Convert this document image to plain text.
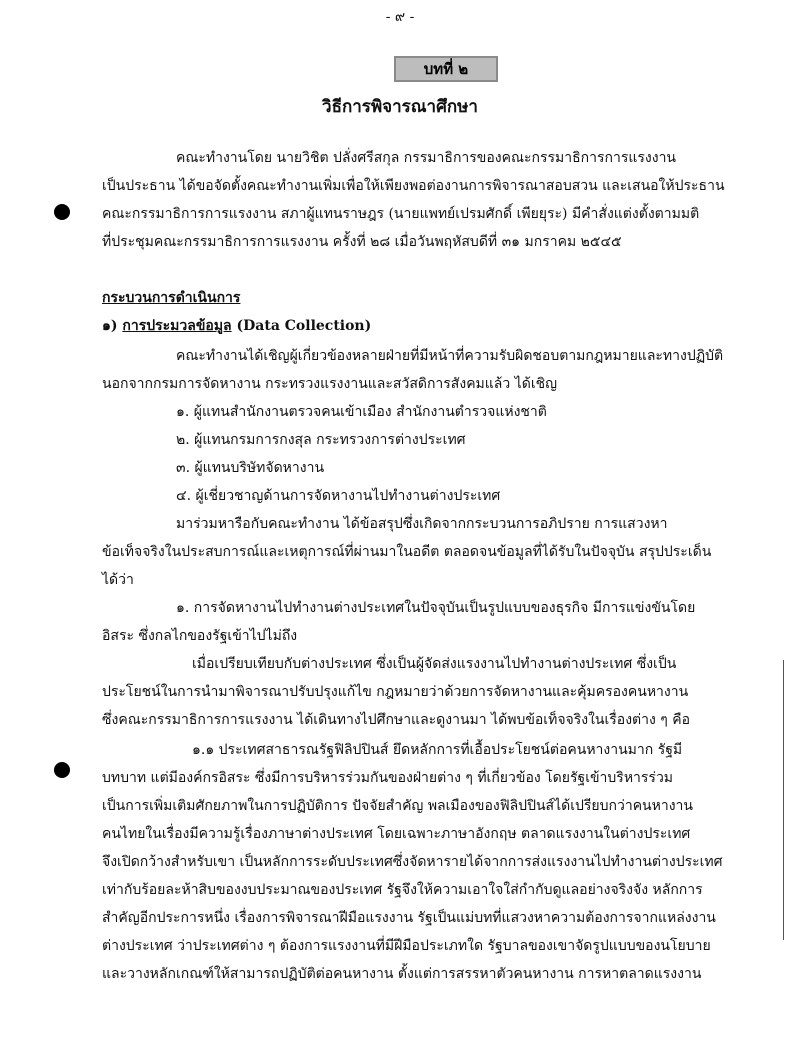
- ๙ -
บทที่ ๒
วิธีการพิจารณาศึกษา
คณะทำงานโดย นายวิชิต ปลั่งศรีสกุล กรรมาธิการของคณะกรรมาธิการการแรงงาน
เป็นประธาน ได้ขอจัดตั้งคณะทำงานเพิ่มเพื่อให้เพียงพอต่องานการพิจารณาสอบสวน และเสนอให้ประธาน
คณะกรรมาธิการการแรงงาน สภาผู้แทนราษฎร (นายแพทย์เปรมศักดิ์ เพียยุระ) มีคำสั่งแต่งตั้งตามมติ
ที่ประชุมคณะกรรมาธิการการแรงงาน ครั้งที่ ๒๘ เมื่อวันพฤหัสบดีที่ ๓๑ มกราคม ๒๕๔๕
กระบวนการดำเนินการ
๑) การประมวลข้อมูล (Data Collection)
คณะทำงานได้เชิญผู้เกี่ยวข้องหลายฝ่ายที่มีหน้าที่ความรับผิดชอบตามกฎหมายและทางปฏิบัติ
นอกจากกรมการจัดหางาน กระทรวงแรงงานและสวัสดิการสังคมแล้ว ได้เชิญ
๑. ผู้แทนสำนักงานตรวจคนเข้าเมือง สำนักงานตำรวจแห่งชาติ
๒. ผู้แทนกรมการกงสุล กระทรวงการต่างประเทศ
๓. ผู้แทนบริษัทจัดหางาน
๔. ผู้เชี่ยวชาญด้านการจัดหางานไปทำงานต่างประเทศ
มาร่วมหารือกับคณะทำงาน ได้ข้อสรุปซึ่งเกิดจากกระบวนการอภิปราย การแสวงหา
ข้อเท็จจริงในประสบการณ์และเหตุการณ์ที่ผ่านมาในอดีต ตลอดจนข้อมูลที่ได้รับในปัจจุบัน สรุปประเด็น
ได้ว่า
๑. การจัดหางานไปทำงานต่างประเทศในปัจจุบันเป็นรูปแบบของธุรกิจ มีการแข่งขันโดย
อิสระ ซึ่งกลไกของรัฐเข้าไปไม่ถึง
เมื่อเปรียบเทียบกับต่างประเทศ ซึ่งเป็นผู้จัดส่งแรงงานไปทำงานต่างประเทศ ซึ่งเป็น
ประโยชน์ในการนำมาพิจารณาปรับปรุงแก้ไข กฎหมายว่าด้วยการจัดหางานและคุ้มครองคนหางาน
ซึ่งคณะกรรมาธิการการแรงงาน ได้เดินทางไปศึกษาและดูงานมา ได้พบข้อเท็จจริงในเรื่องต่าง ๆ คือ
๑.๑ ประเทศสาธารณรัฐฟิลิปปินส์ ยึดหลักการที่เอื้อประโยชน์ต่อคนหางานมาก รัฐมี
บทบาท แต่มีองค์กรอิสระ ซึ่งมีการบริหารร่วมกันของฝ่ายต่าง ๆ ที่เกี่ยวข้อง โดยรัฐเข้าบริหารร่วม
เป็นการเพิ่มเติมศักยภาพในการปฏิบัติการ ปัจจัยสำคัญ พลเมืองของฟิลิปปินส์ได้เปรียบกว่าคนหางาน
คนไทยในเรื่องมีความรู้เรื่องภาษาต่างประเทศ โดยเฉพาะภาษาอังกฤษ ตลาดแรงงานในต่างประเทศ
จึงเปิดกว้างสำหรับเขา เป็นหลักการระดับประเทศซึ่งจัดหารายได้จากการส่งแรงงานไปทำงานต่างประเทศ
เท่ากับร้อยละห้าสิบของงบประมาณของประเทศ รัฐจึงให้ความเอาใจใส่กำกับดูแลอย่างจริงจัง หลักการ
สำคัญอีกประการหนึ่ง เรื่องการพิจารณาฝีมือแรงงาน รัฐเป็นแม่บทที่แสวงหาความต้องการจากแหล่งงาน
ต่างประเทศ ว่าประเทศต่าง ๆ ต้องการแรงงานที่มีฝีมือประเภทใด รัฐบาลของเขาจัดรูปแบบของนโยบาย
และวางหลักเกณฑ์ให้สามารถปฏิบัติต่อคนหางาน ตั้งแต่การสรรหาตัวคนหางาน การหาตลาดแรงงาน
